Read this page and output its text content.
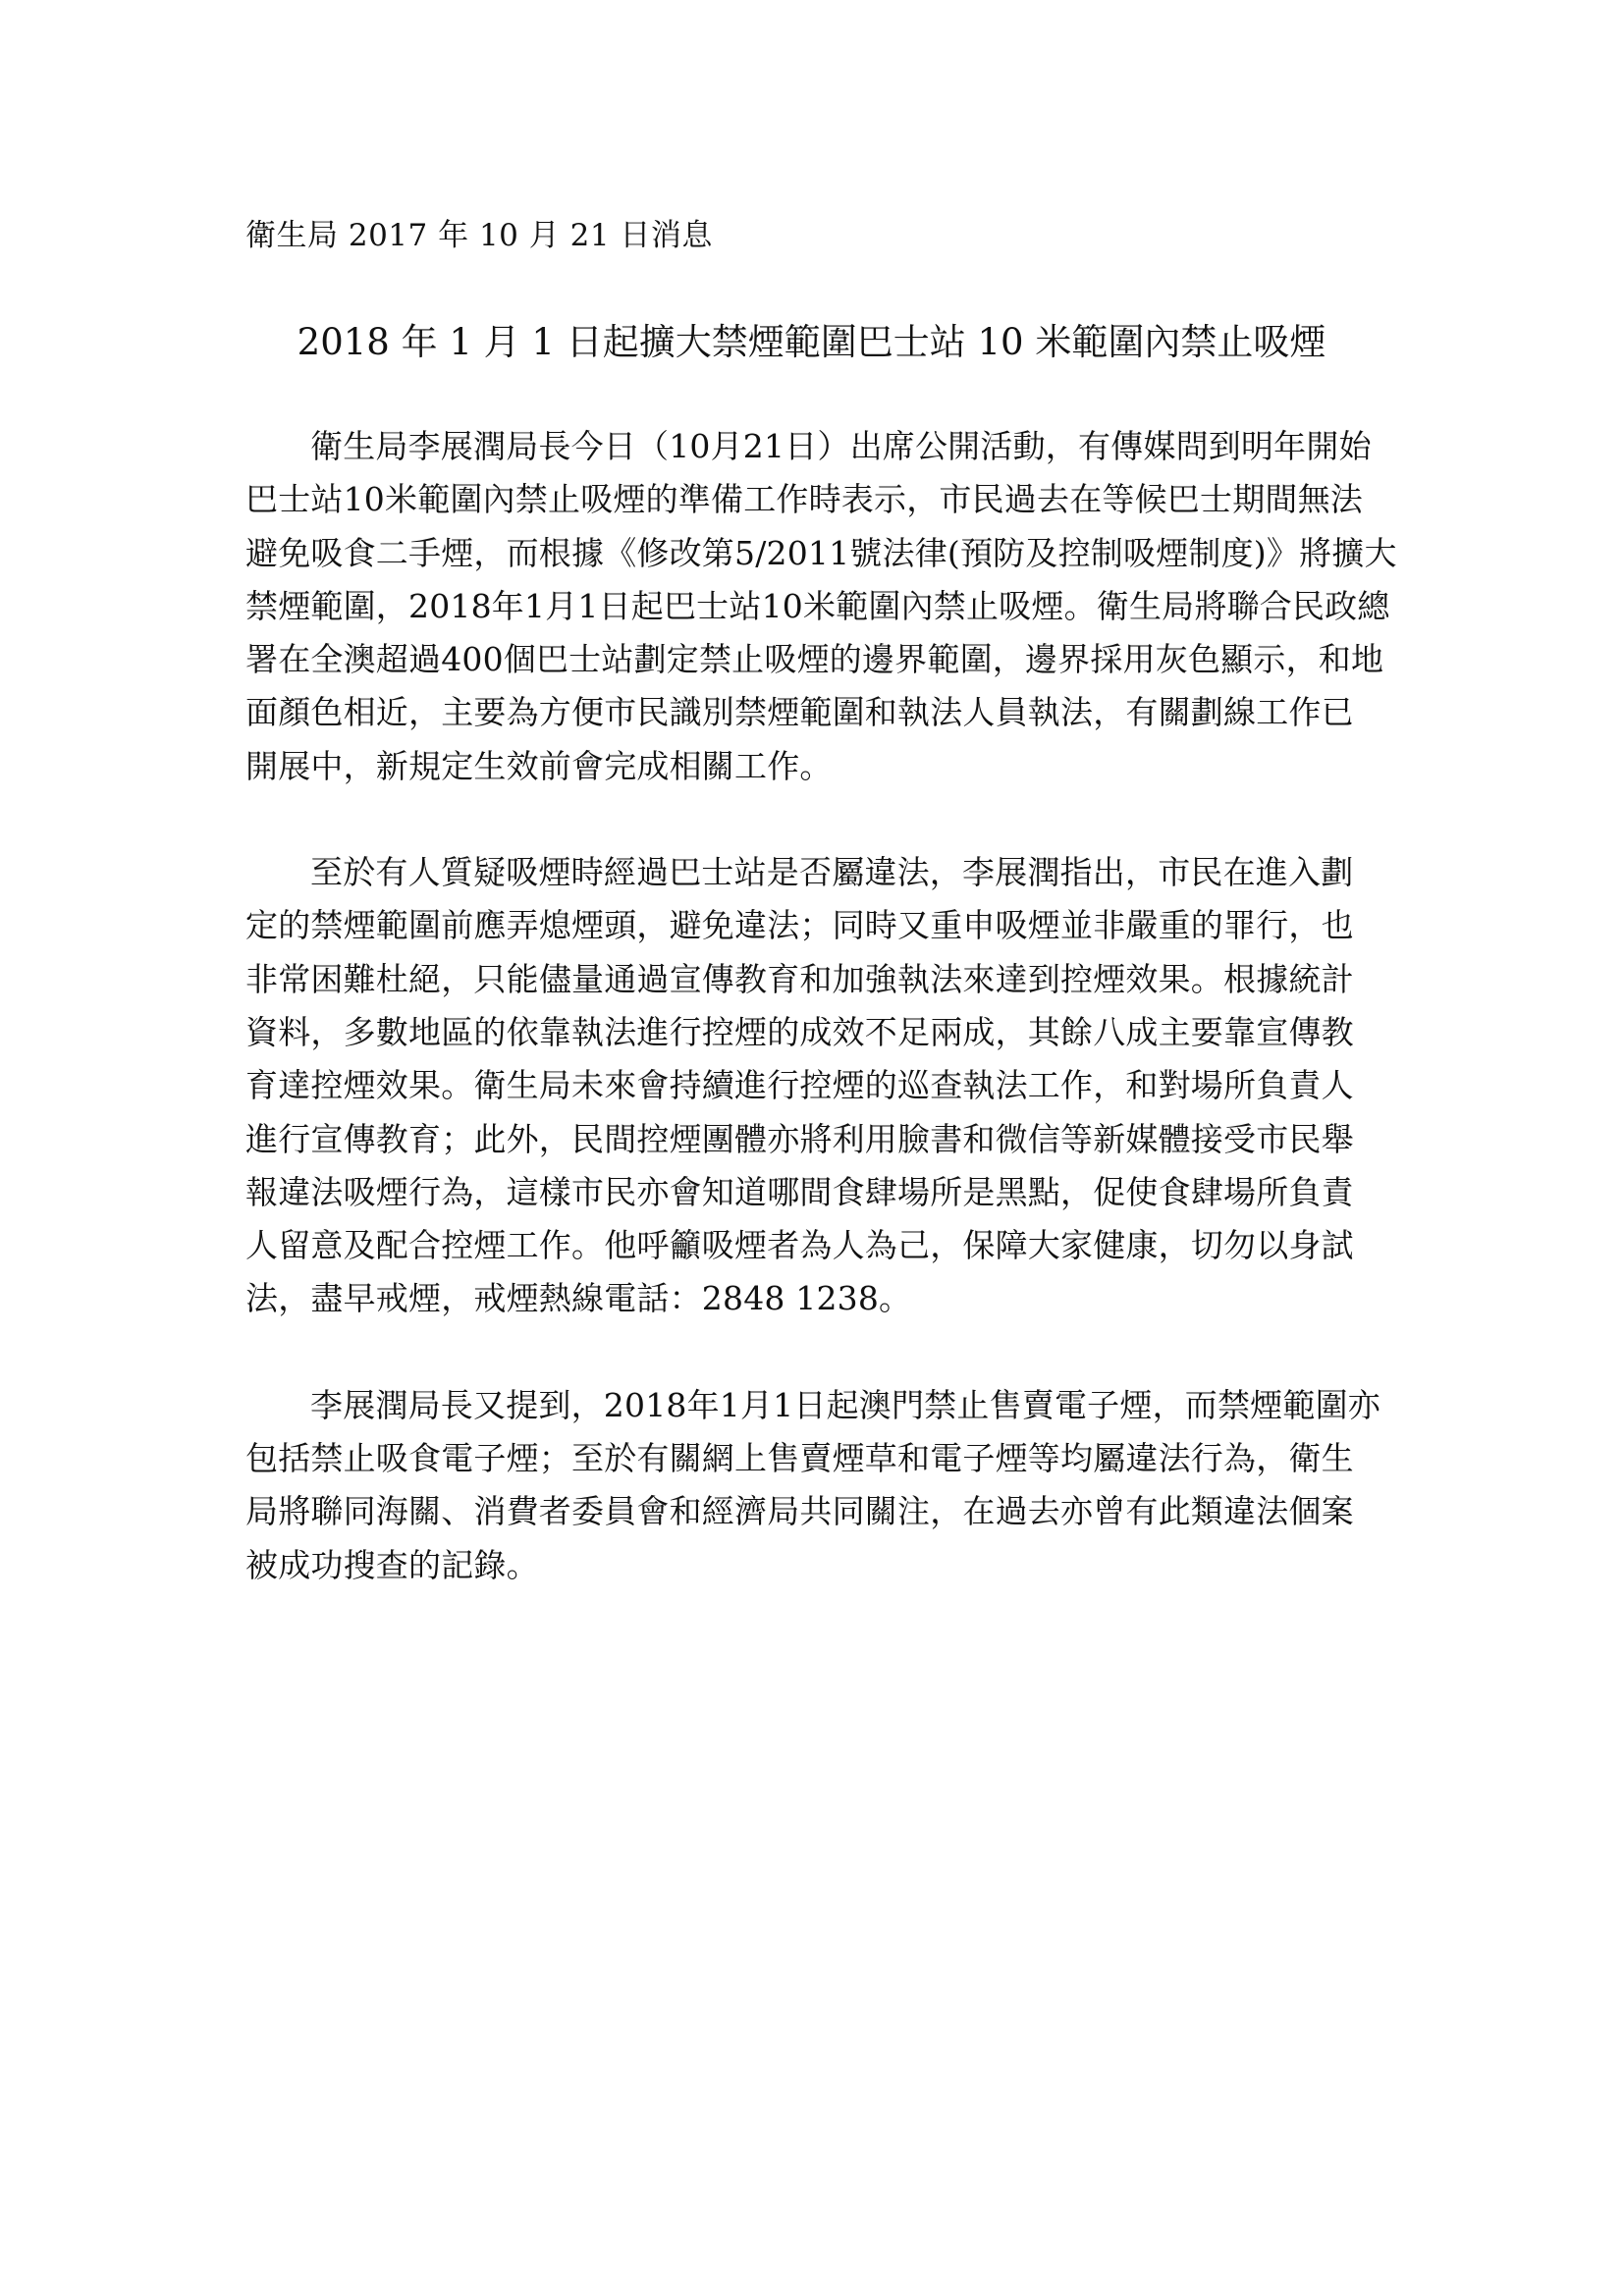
衛生局 2017 年 10 月 21 日消息
2018 年 1 月 1 日起擴大禁煙範圍巴士站 10 米範圍內禁止吸煙
衛生局李展潤局長今日（10月21日）出席公開活動，有傳媒問到明年開始
巴士站10米範圍內禁止吸煙的準備工作時表示，市民過去在等候巴士期間無法
避免吸食二手煙，而根據《修改第5/2011號法律(預防及控制吸煙制度)》將擴大
禁煙範圍，2018年1月1日起巴士站10米範圍內禁止吸煙。衛生局將聯合民政總
署在全澳超過400個巴士站劃定禁止吸煙的邊界範圍，邊界採用灰色顯示，和地
面顏色相近，主要為方便市民識別禁煙範圍和執法人員執法，有關劃線工作已
開展中，新規定生效前會完成相關工作。
至於有人質疑吸煙時經過巴士站是否屬違法，李展潤指出，市民在進入劃
定的禁煙範圍前應弄熄煙頭，避免違法；同時又重申吸煙並非嚴重的罪行，也
非常困難杜絕，只能儘量通過宣傳教育和加強執法來達到控煙效果。根據統計
資料，多數地區的依靠執法進行控煙的成效不足兩成，其餘八成主要靠宣傳教
育達控煙效果。衛生局未來會持續進行控煙的巡查執法工作，和對場所負責人
進行宣傳教育；此外，民間控煙團體亦將利用臉書和微信等新媒體接受市民舉
報違法吸煙行為，這樣市民亦會知道哪間食肆場所是黑點，促使食肆場所負責
人留意及配合控煙工作。他呼籲吸煙者為人為己，保障大家健康，切勿以身試
法，盡早戒煙，戒煙熱線電話：2848 1238。
李展潤局長又提到，2018年1月1日起澳門禁止售賣電子煙，而禁煙範圍亦
包括禁止吸食電子煙；至於有關網上售賣煙草和電子煙等均屬違法行為，衛生
局將聯同海關、消費者委員會和經濟局共同關注，在過去亦曾有此類違法個案
被成功搜查的記錄。
